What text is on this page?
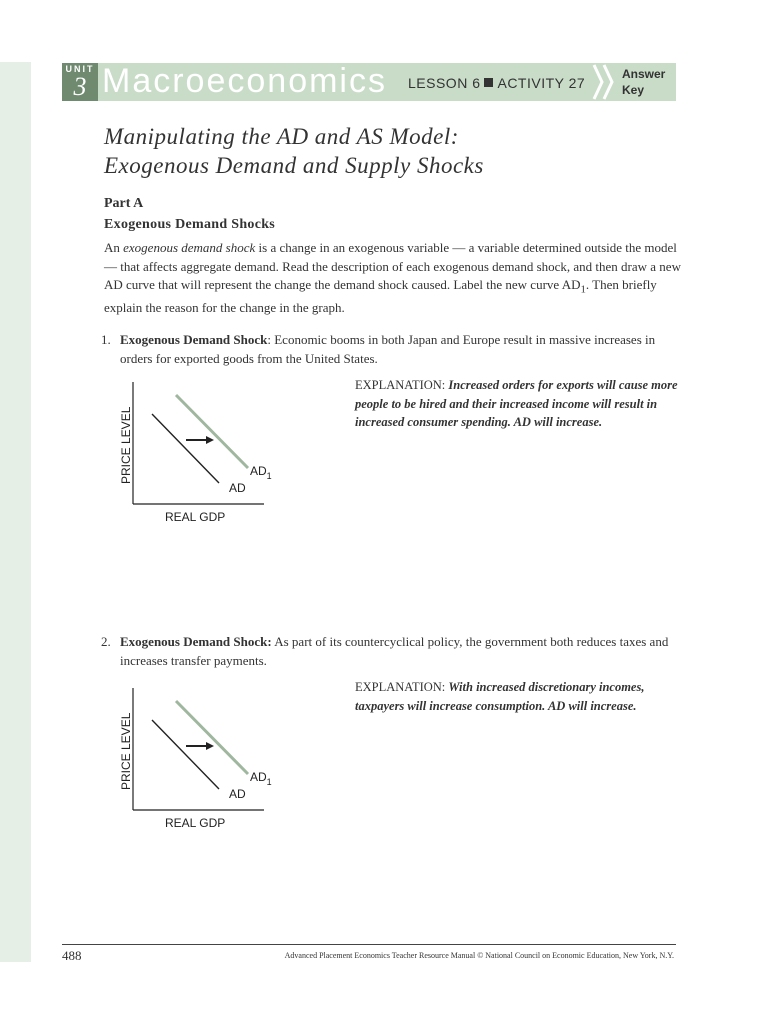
UNIT
3 Macroeconomics LESSON 6 ACTIVITY 27
Answer
Key
Manipulating the AD and AS Model:
Exogenous Demand and Supply Shocks
Part A
Exogenous Demand Shocks
An exogenous demand shock is a change in an exogenous variable — a variable determined outside the model — that affects aggregate demand. Read the description of each exogenous demand shock, and then draw a new AD curve that will represent the change the demand shock caused. Label the new curve $AD_1$. Then briefly explain the reason for the change in the graph.
1. Exogenous Demand Shock: Economic booms in both Japan and Europe result in massive increases in orders for exported goods from the United States.
EXPLANATION: Increased orders for exports will cause more people to be hired and their increased income will result in increased consumer spending. AD will increase.
PRICE LEVEL
REAL GDP
AD
$AD_1$
2. Exogenous Demand Shock: As part of its countercyclical policy, the government both reduces taxes and increases transfer payments.
EXPLANATION: With increased discretionary incomes, taxpayers will increase consumption. AD will increase.
PRICE LEVEL
REAL GDP
AD
$AD_1$
488	Advanced Placement Economics Teacher Resource Manual © National Council on Economic Education, New York, N.Y.
